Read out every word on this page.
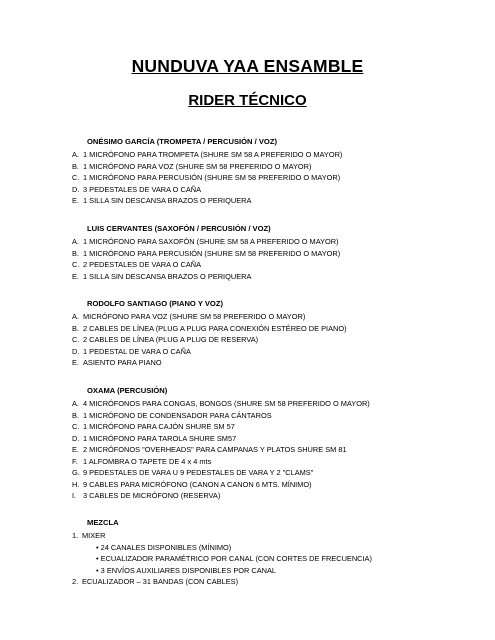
NUNDUVA YAA ENSAMBLE
RIDER TÉCNICO
ONÉSIMO GARCÍA (TROMPETA / PERCUSIÓN / VOZ)
A. 1 MICRÓFONO PARA TROMPETA (SHURE SM 58 A PREFERIDO O MAYOR)
B. 1 MICRÓFONO PARA VOZ (SHURE SM 58 PREFERIDO O MAYOR)
C. 1 MICRÓFONO PARA PERCUSIÓN (SHURE SM 58 PREFERIDO O MAYOR)
D. 3 PEDESTALES DE VARA O CAÑA
E. 1 SILLA SIN DESCANSA BRAZOS O PERIQUERA
LUIS CERVANTES (SAXOFÓN / PERCUSIÓN / VOZ)
A. 1 MICRÓFONO PARA SAXOFÓN (SHURE SM 58 A PREFERIDO O MAYOR)
B. 1 MICRÓFONO PARA PERCUSIÓN (SHURE SM 58 PREFERIDO O MAYOR)
C. 2 PEDESTALES DE VARA O CAÑA
E. 1 SILLA SIN DESCANSA BRAZOS O PERIQUERA
RODOLFO SANTIAGO (PIANO Y VOZ)
A. MICRÓFONO PARA VOZ (SHURE SM 58 PREFERIDO O MAYOR)
B. 2 CABLES DE LÍNEA (PLUG A PLUG PARA CONEXIÓN ESTÉREO DE PIANO)
C. 2 CABLES DE LÍNEA (PLUG A PLUG DE RESERVA)
D. 1 PEDESTAL DE VARA O CAÑA
E. ASIENTO PARA PIANO
OXAMA (PERCUSIÓN)
A. 4 MICRÓFONOS PARA CONGAS, BONGOS (SHURE SM 58 PREFERIDO O MAYOR)
B. 1 MICRÓFONO DE CONDENSADOR PARA CÁNTAROS
C. 1 MICRÓFONO PARA CAJÓN SHURE SM 57
D. 1 MICRÓFONO PARA TAROLA SHURE SM57
E. 2 MICRÓFONOS "OVERHEADS" PARA CAMPANAS Y PLATOS SHURE SM 81
F. 1 ALFOMBRA O TAPETE DE 4 x 4 mts
G. 9 PEDESTALES DE VARA U 9 PEDESTALES DE VARA Y 2 "CLAMS"
H. 9 CABLES PARA MICRÓFONO (CANON A CANON 6 MTS. MÍNIMO)
I. 3 CABLES DE MICRÓFONO (RESERVA)
MEZCLA
1. MIXER
• 24 CANALES DISPONIBLES (MÍNIMO)
• ECUALIZADOR PARAMÉTRICO POR CANAL (CON CORTES DE FRECUENCIA)
• 3 ENVÍOS AUXILIARES DISPONIBLES POR CANAL
2. ECUALIZADOR – 31 BANDAS (CON CABLES)
